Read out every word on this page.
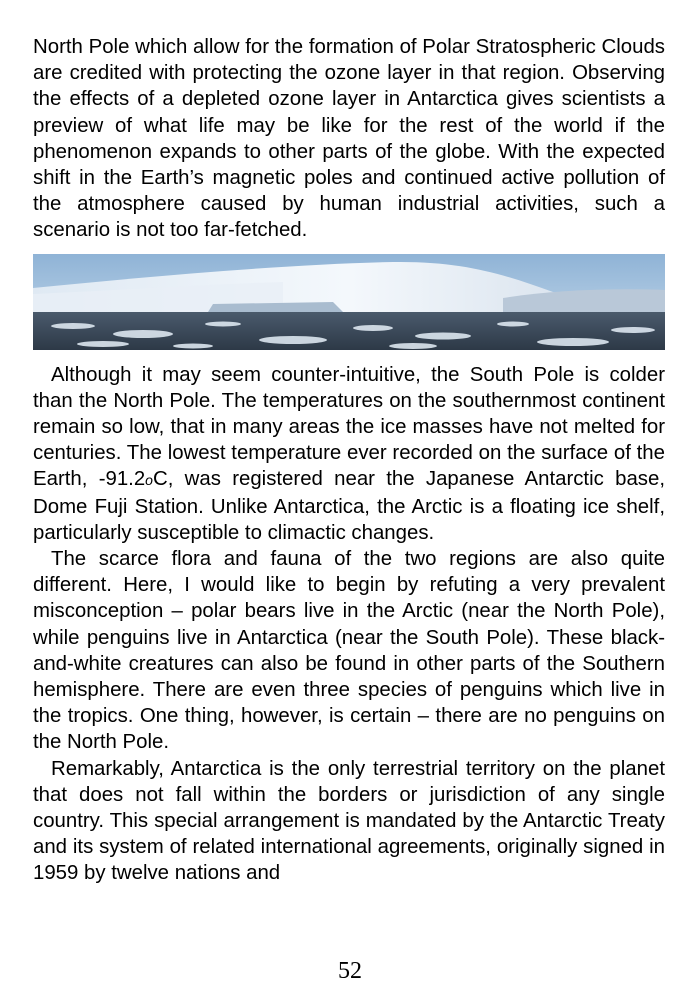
North Pole which allow for the formation of Polar Stratospheric Clouds are credited with protecting the ozone layer in that region. Observing the effects of a depleted ozone layer in Antarctica gives scientists a preview of what life may be like for the rest of the world if the phenomenon expands to other parts of the globe. With the expected shift in the Earth’s magnetic poles and continued active pollution of the atmosphere caused by human industrial activities, such a scenario is not too far-fetched.

Although it may seem counter-intuitive, the South Pole is colder than the North Pole. The temperatures on the southernmost continent remain so low, that in many areas the ice masses have not melted for centuries. The lowest temperature ever recorded on the surface of the Earth, -91.2oC, was registered near the Japanese Antarctic base, Dome Fuji Station. Unlike Antarctica, the Arctic is a floating ice shelf, particularly susceptible to climactic changes.

The scarce flora and fauna of the two regions are also quite different. Here, I would like to begin by refuting a very prevalent misconception – polar bears live in the Arctic (near the North Pole), while penguins live in Antarctica (near the South Pole). These black-and-white creatures can also be found in other parts of the Southern hemisphere. There are even three species of penguins which live in the tropics. One thing, however, is certain – there are no penguins on the North Pole.

Remarkably, Antarctica is the only terrestrial territory on the planet that does not fall within the borders or jurisdiction of any single country. This special arrangement is mandated by the Antarctic Treaty and its system of related international agreements, originally signed in 1959 by twelve nations and

52
